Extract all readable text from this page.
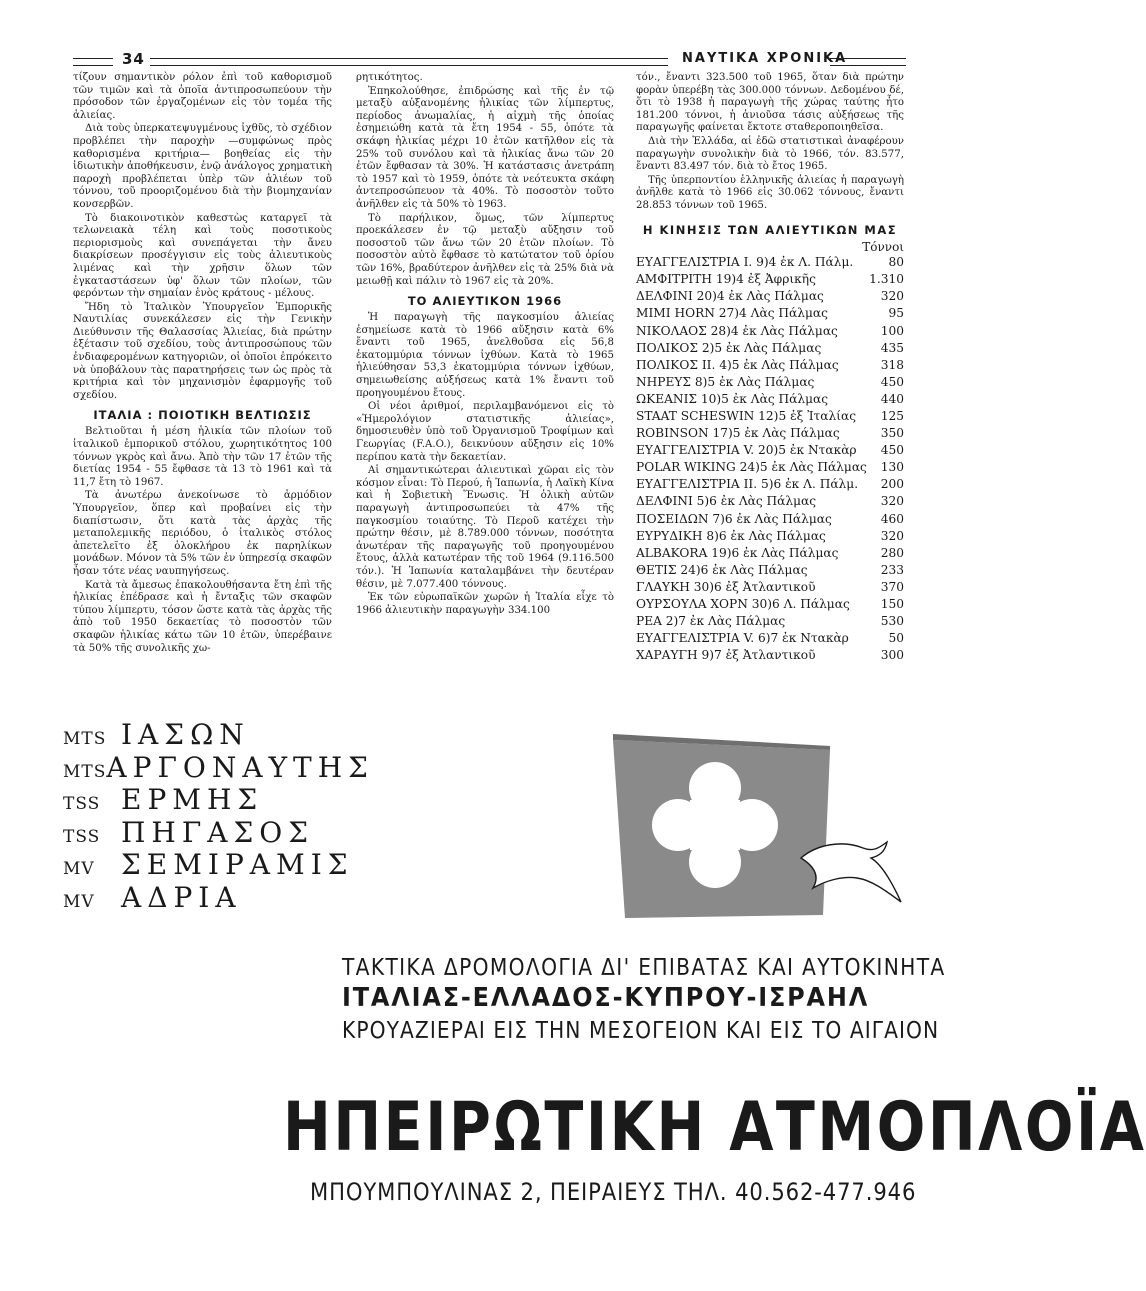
34	ΝΑΥΤΙΚΑ ΧΡΟΝΙΚΑ

τίζουν σημαντικὸν ρόλον ἐπὶ τοῦ καθορισμοῦ τῶν τιμῶν καὶ τὰ ὁποῖα ἀντιπροσωπεύουν τὴν πρόσοδον τῶν ἐργαζομένων εἰς τὸν τομέα τῆς ἁλιείας.

Διὰ τοὺς ὑπερκατεψυγμένους ἰχθῦς, τὸ σχέδιον προβλέπει τὴν παροχὴν —συμφώνως πρὸς καθορισμένα κριτήρια— βοηθείας εἰς τὴν ἰδιωτικὴν ἀποθήκευσιν, ἐνῷ ἀνάλογος χρηματικὴ παροχὴ προβλέπεται ὑπὲρ τῶν ἁλιέων τοῦ τόννου, τοῦ προοριζομένου διὰ τὴν βιομηχανίαν κονσερβῶν.

Τὸ διακοινοτικὸν καθεστὼς καταργεῖ τὰ τελωνειακὰ τέλη καὶ τοὺς ποσοτικοὺς περιορισμοὺς καὶ συνεπάγεται τὴν ἄνευ διακρίσεων προσέγγισιν εἰς τοὺς ἁλιευτικοὺς λιμένας καὶ τὴν χρῆσιν ὅλων τῶν ἐγκαταστάσεων ὑφ' ὅλων τῶν πλοίων, τῶν φερόντων τὴν σημαίαν ἑνὸς κράτους - μέλους.

Ἤδη τὸ Ἰταλικὸν Ὑπουργεῖον Ἐμπορικῆς Ναυτιλίας συνεκάλεσεν εἰς τὴν Γενικὴν Διεύθυνσιν τῆς Θαλασσίας Ἁλιείας, διὰ πρώτην ἐξέτασιν τοῦ σχεδίου, τοὺς ἀντιπροσώπους τῶν ἐνδιαφερομένων κατηγοριῶν, οἱ ὁποῖοι ἐπρόκειτο νὰ ὑποβάλουν τὰς παρατηρήσεις των ὡς πρὸς τὰ κριτήρια καὶ τὸν μηχανισμὸν ἐφαρμογῆς τοῦ σχεδίου.

ΙΤΑΛΙΑ : ΠΟΙΟΤΙΚΗ ΒΕΛΤΙΩΣΙΣ

Βελτιοῦται ἡ μέση ἡλικία τῶν πλοίων τοῦ ἰταλικοῦ ἐμπορικοῦ στόλου, χωρητικότητος 100 τόννων γκρὸς καὶ ἄνω. Ἀπὸ τὴν τῶν 17 ἐτῶν τῆς διετίας 1954 - 55 ἔφθασε τὰ 13 τὸ 1961 καὶ τὰ 11,7 ἔτη τὸ 1967.

Τὰ ἀνωτέρω ἀνεκοίνωσε τὸ ἁρμόδιον Ὑπουργεῖον, ὅπερ καὶ προβαίνει εἰς τὴν διαπίστωσιν, ὅτι κατὰ τὰς ἀρχὰς τῆς μεταπολεμικῆς περιόδου, ὁ ἰταλικὸς στόλος ἀπετελεῖτο ἐξ ὁλοκλήρου ἐκ παρηλίκων μονάδων. Μόνον τὰ 5% τῶν ἐν ὑπηρεσίᾳ σκαφῶν ἦσαν τότε νέας ναυπηγήσεως.

Κατὰ τὰ ἄμεσως ἐπακολουθήσαντα ἔτη ἐπὶ τῆς ἡλικίας ἐπέδρασε καὶ ἡ ἔνταξις τῶν σκαφῶν τύπου λίμπερτυ, τόσον ὥστε κατὰ τὰς ἀρχὰς τῆς ἀπὸ τοῦ 1950 δεκαετίας τὸ ποσοστὸν τῶν σκαφῶν ἡλικίας κάτω τῶν 10 ἐτῶν, ὑπερέβαινε τὰ 50% τῆς συνολικῆς χω-

ρητικότητος.

Ἐπηκολούθησε, ἐπιδρώσης καὶ τῆς ἐν τῷ μεταξὺ αὐξανομένης ἡλικίας τῶν λίμπερτυς, περίοδος ἀνωμαλίας, ἡ αἰχμὴ τῆς ὁποίας ἐσημειώθη κατὰ τὰ ἔτη 1954 - 55, ὁπότε τὰ σκάφη ἡλικίας μέχρι 10 ἐτῶν κατῆλθον εἰς τὰ 25% τοῦ συνόλου καὶ τὰ ἡλικίας ἄνω τῶν 20 ἐτῶν ἔφθασαν τὰ 30%. Ἡ κατάστασις ἀνετράπη τὸ 1957 καὶ τὸ 1959, ὁπότε τὰ νεότευκτα σκάφη ἀντεπροσώπευον τὰ 40%. Τὸ ποσοστὸν τοῦτο ἀνῆλθεν εἰς τὰ 50% τὸ 1963.

Τὸ παρήλικον, ὅμως, τῶν λίμπερτυς προεκάλεσεν ἐν τῷ μεταξὺ αὔξησιν τοῦ ποσοστοῦ τῶν ἄνω τῶν 20 ἐτῶν πλοίων. Τὸ ποσοστὸν αὐτὸ ἔφθασε τὸ κατώτατον τοῦ ὁρίου τῶν 16%, βραδύτερον ἀνῆλθεν εἰς τὰ 25% διὰ νὰ μειωθῇ καὶ πάλιν τὸ 1967 εἰς τὰ 20%.

ΤΟ ΑΛΙΕΥΤΙΚΟΝ 1966

Ἡ παραγωγὴ τῆς παγκοσμίου ἁλιείας ἐσημείωσε κατὰ τὸ 1966 αὔξησιν κατὰ 6% ἔναντι τοῦ 1965, ἀνελθοῦσα εἰς 56,8 ἑκατομμύρια τόννων ἰχθύων. Κατὰ τὸ 1965 ἡλιεύθησαν 53,3 ἑκατομμύρια τόννων ἰχθύων, σημειωθείσης αὐξήσεως κατὰ 1% ἔναντι τοῦ προηγουμένου ἔτους.

Οἱ νέοι ἀριθμοί, περιλαμβανόμενοι εἰς τὸ «Ἡμερολόγιον στατιστικῆς ἁλιείας», δημοσιευθὲν ὑπὸ τοῦ Ὀργανισμοῦ Τροφίμων καὶ Γεωργίας (F.A.O.), δεικνύουν αὔξησιν εἰς 10% περίπου κατὰ τὴν δεκαετίαν.

Αἱ σημαντικώτεραι ἁλιευτικαὶ χῶραι εἰς τὸν κόσμον εἶναι: Τὸ Περού, ἡ Ἰαπωνία, ἡ Λαϊκὴ Κίνα καὶ ἡ Σοβιετικὴ Ἕνωσις. Ἡ ὁλικὴ αὐτῶν παραγωγὴ ἀντιπροσωπεύει τὰ 47% τῆς παγκοσμίου τοιαύτης. Τὸ Περοῦ κατέχει τὴν πρώτην θέσιν, μὲ 8.789.000 τόννων, ποσότητα ἀνωτέραν τῆς παραγωγῆς τοῦ προηγουμένου ἔτους, ἀλλὰ κατωτέραν τῆς τοῦ 1964 (9.116.500 τόν.). Ἡ Ἰαπωνία καταλαμβάνει τὴν δευτέραν θέσιν, μὲ 7.077.400 τόννους.

Ἐκ τῶν εὐρωπαϊκῶν χωρῶν ἡ Ἰταλία εἶχε τὸ 1966 ἁλιευτικὴν παραγωγὴν 334.100

τόν., ἔναντι 323.500 τοῦ 1965, ὅταν διὰ πρώτην φορὰν ὑπερέβη τὰς 300.000 τόννων. Δεδομένου δέ, ὅτι τὸ 1938 ἡ παραγωγὴ τῆς χώρας ταύτης ἦτο 181.200 τόννοι, ἡ ἀνιοῦσα τάσις αὐξήσεως τῆς παραγωγῆς φαίνεται ἔκτοτε σταθεροποιηθεῖσα.

Διὰ τὴν Ἑλλάδα, αἱ ἐδῶ στατιστικαὶ ἀναφέρουν παραγωγὴν συνολικὴν διὰ τὸ 1966, τόν. 83.577, ἔναντι 83.497 τόν. διὰ τὸ ἔτος 1965.

Τῆς ὑπερποντίου ἑλληνικῆς ἁλιείας ἡ παραγωγὴ ἀνῆλθε κατὰ τὸ 1966 εἰς 30.062 τόννους, ἔναντι 28.853 τόννων τοῦ 1965.

Η ΚΙΝΗΣΙΣ ΤΩΝ ΑΛΙΕΥΤΙΚΩΝ ΜΑΣ
Τόννοι
ΕΥΑΓΓΕΛΙΣΤΡΙΑ Ι. 9)4 ἐκ Λ. Πάλμ.	80
ΑΜΦΙΤΡΙΤΗ 19)4 ἐξ Ἀφρικῆς	1.310
ΔΕΛΦΙΝΙ 20)4 ἐκ Λὰς Πάλμας	320
ΜΙΜΙ HORN 27)4 Λὰς Πάλμας	95
ΝΙΚΟΛΑΟΣ 28)4 ἐκ Λὰς Πάλμας	100
ΠΟΛΙΚΟΣ 2)5 ἐκ Λὰς Πάλμας	435
ΠΟΛΙΚΟΣ ΙΙ. 4)5 ἐκ Λὰς Πάλμας	318
ΝΗΡΕΥΣ 8)5 ἐκ Λὰς Πάλμας	450
ΩΚΕΑΝΙΣ 10)5 ἐκ Λὰς Πάλμας	440
STAAT SCHESWIN 12)5 ἐξ Ἰταλίας 125
ROBINSON 17)5 ἐκ Λὰς Πάλμας	350
ΕΥΑΓΓΕΛΙΣΤΡΙΑ V. 20)5 ἐκ Ντακὰρ 450
POLAR WIKING 24)5 ἐκ Λὰς Πάλμας 130
ΕΥΑΓΓΕΛΙΣΤΡΙΑ ΙΙ. 5)6 ἐκ Λ. Πάλμ. 200
ΔΕΛΦΙΝΙ 5)6 ἐκ Λὰς Πάλμας	320
ΠΟΣΕΙΔΩΝ 7)6 ἐκ Λὰς Πάλμας	460
ΕΥΡΥΔΙΚΗ 8)6 ἐκ Λὰς Πάλμας	320
ALBAKORA 19)6 ἐκ Λὰς Πάλμας	280
ΘΕΤΙΣ 24)6 ἐκ Λὰς Πάλμας	233
ΓΛΑΥΚΗ 30)6 ἐξ Ἀτλαντικοῦ	370
ΟΥΡΣΟΥΛΑ ΧΟΡΝ 30)6 Λ. Πάλμας	150
ΡΕΑ 2)7 ἐκ Λὰς Πάλμας	530
ΕΥΑΓΓΕΛΙΣΤΡΙΑ V. 6)7 ἐκ Ντακὰρ	50
ΧΑΡΑΥΓΗ 9)7 ἐξ Ἀτλαντικοῦ	300
MTS ΙΑΣΩΝ
MTS ΑΡΓΟΝΑΥΤΗΣ
TSS ΕΡΜΗΣ
TSS ΠΗΓΑΣΟΣ
MV ΣΕΜΙΡΑΜΙΣ
MV ΑΔΡΙΑ
ΤΑΚΤΙΚΑ ΔΡΟΜΟΛΟΓΙΑ ΔΙ' ΕΠΙΒΑΤΑΣ ΚΑΙ ΑΥΤΟΚΙΝΗΤΑ
ΙΤΑΛΙΑΣ-ΕΛΛΑΔΟΣ-ΚΥΠΡΟΥ-ΙΣΡΑΗΛ
ΚΡΟΥΑΖΙΕΡΑΙ ΕΙΣ ΤΗΝ ΜΕΣΟΓΕΙΟΝ ΚΑΙ ΕΙΣ ΤΟ ΑΙΓΑΙΟΝ
ΗΠΕΙΡΩΤΙΚΗ ΑΤΜΟΠΛΟΪΑ
ΜΠΟΥΜΠΟΥΛΙΝΑΣ 2, ΠΕΙΡΑΙΕΥΣ ΤΗΛ. 40.562-477.946
